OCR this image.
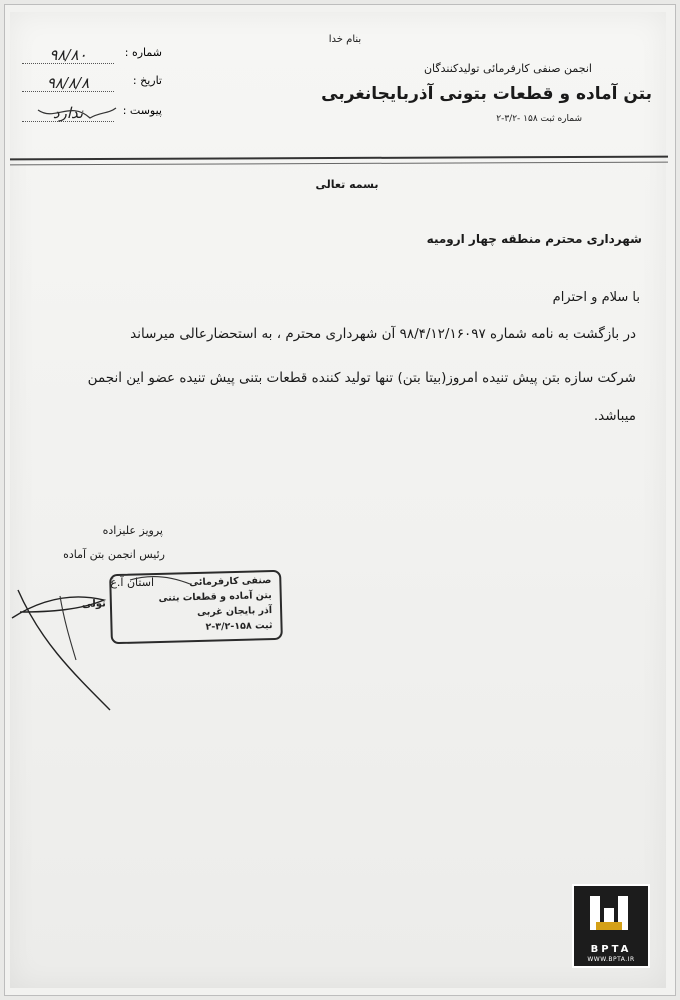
بنام خدا
انجمن صنفی کارفرمائی تولیدکنندگان
بتن آماده و قطعات بتونی آذربایجانغربی
شماره ثبت ۱۵۸ -۳/۲-۲
شماره :
۹۸/۸۰
تاریخ :
۹۸/۸/۸
پیوست :
ندارد
بسمه تعالی
شهرداری محترم منطقه چهار ارومیه
با سلام و احترام
در بازگشت به نامه شماره ۹۸/۴/۱۲/۱۶۰۹۷ آن شهرداری محترم ، به استحضارعالی میرساند
شرکت سازه بتن پیش تنیده امروز(بیتا بتن) تنها تولید کننده قطعات بتنی پیش تنیده عضو این انجمن
میباشد.
پرویز علیزاده
رئیس انجمن بتن آماده
استان آ.غ
تولی
صنفی کارفرمائی
بتن آماده و قطعات بتنی
آذر بایجان غربی
ثبت ۱۵۸-۳/۲-۲
BPTA
WWW.BPTA.IR
